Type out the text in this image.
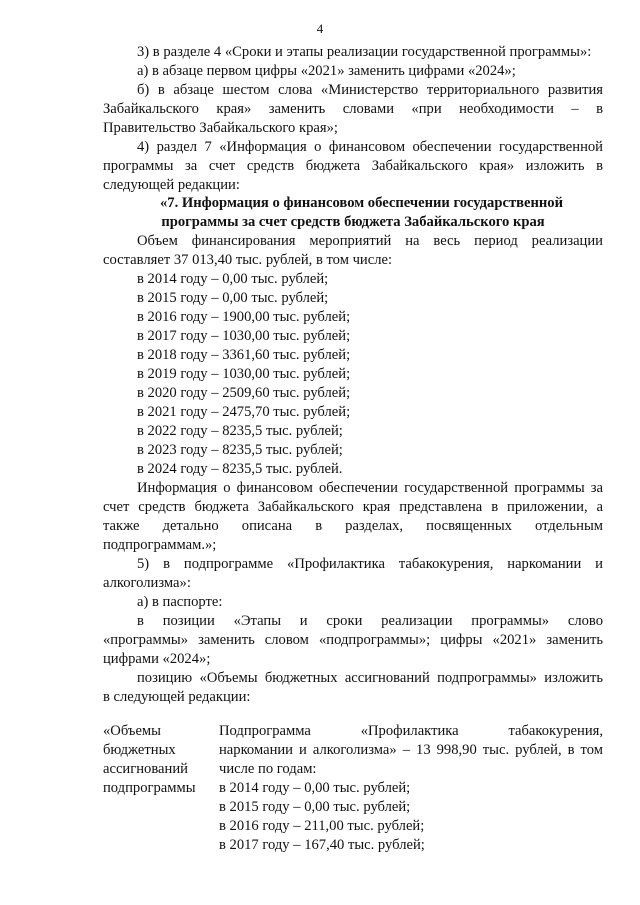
4
3) в разделе 4 «Сроки и этапы реализации государственной программы»:
а) в абзаце первом цифры «2021» заменить цифрами «2024»;
б) в абзаце шестом слова «Министерство территориального развития
Забайкальского края» заменить словами «при необходимости – в
Правительство Забайкальского края»;
4) раздел 7 «Информация о финансовом обеспечении государственной
программы за счет средств бюджета Забайкальского края» изложить в
следующей редакции:
«7. Информация о финансовом обеспечении государственной
программы за счет средств бюджета Забайкальского края
Объем финансирования мероприятий на весь период реализации
составляет 37 013,40 тыс. рублей, в том числе:
в 2014 году – 0,00 тыс. рублей;
в 2015 году – 0,00 тыс. рублей;
в 2016 году – 1900,00 тыс. рублей;
в 2017 году – 1030,00 тыс. рублей;
в 2018 году – 3361,60 тыс. рублей;
в 2019 году – 1030,00 тыс. рублей;
в 2020 году – 2509,60 тыс. рублей;
в 2021 году – 2475,70 тыс. рублей;
в 2022 году – 8235,5 тыс. рублей;
в 2023 году – 8235,5 тыс. рублей;
в 2024 году – 8235,5 тыс. рублей.
Информация о финансовом обеспечении государственной программы за
счет средств бюджета Забайкальского края представлена в приложении, а
также детально описана в разделах, посвященных отдельным
подпрограммам.»;
5) в подпрограмме «Профилактика табакокурения, наркомании и
алкоголизма»:
а) в паспорте:
в позиции «Этапы и сроки реализации программы» слово
«программы» заменить словом «подпрограммы»; цифры «2021» заменить
цифрами «2024»;
позицию «Объемы бюджетных ассигнований подпрограммы» изложить
в следующей редакции:
«Объемы
бюджетных
ассигнований
подпрограммы
Подпрограмма «Профилактика табакокурения,
наркомании и алкоголизма» – 13 998,90 тыс. рублей, в том
числе по годам:
в 2014 году – 0,00 тыс. рублей;
в 2015 году – 0,00 тыс. рублей;
в 2016 году – 211,00 тыс. рублей;
в 2017 году – 167,40 тыс. рублей;
